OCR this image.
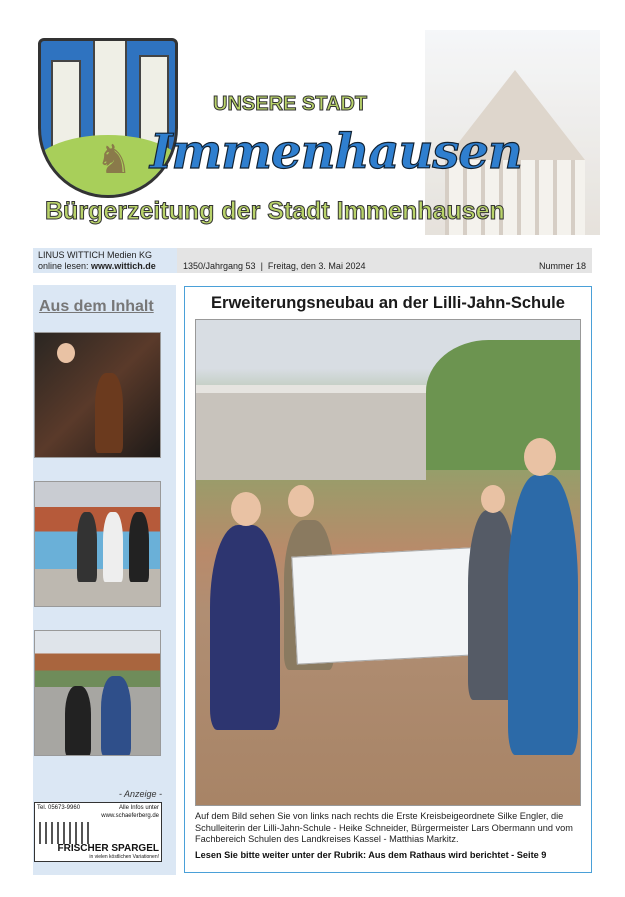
♞
UNSERE STADT
Immenhausen
Bürgerzeitung der Stadt Immenhausen
LINUS WITTICH Medien KG
online lesen: www.wittich.de	1350/Jahrgang 53  |  Freitag, den 3. Mai 2024	Nummer 18
Aus dem Inhalt
- Anzeige -
Tel. 05673-9960	Alle Infos unter
www.schaeferberg.de
FRISCHER SPARGEL
in vielen köstlichen Variationen!
Erweiterungsneubau an der Lilli-Jahn-Schule
Auf dem Bild sehen Sie von links nach rechts die Erste Kreisbeigeordnete Silke Engler, die Schulleiterin der Lilli-Jahn-Schule - Heike Schneider, Bürgermeister Lars Obermann und vom Fachbereich Schulen des Landkreises Kassel - Matthias Markitz.
Lesen Sie bitte weiter unter der Rubrik: Aus dem Rathaus wird berichtet - Seite 9
